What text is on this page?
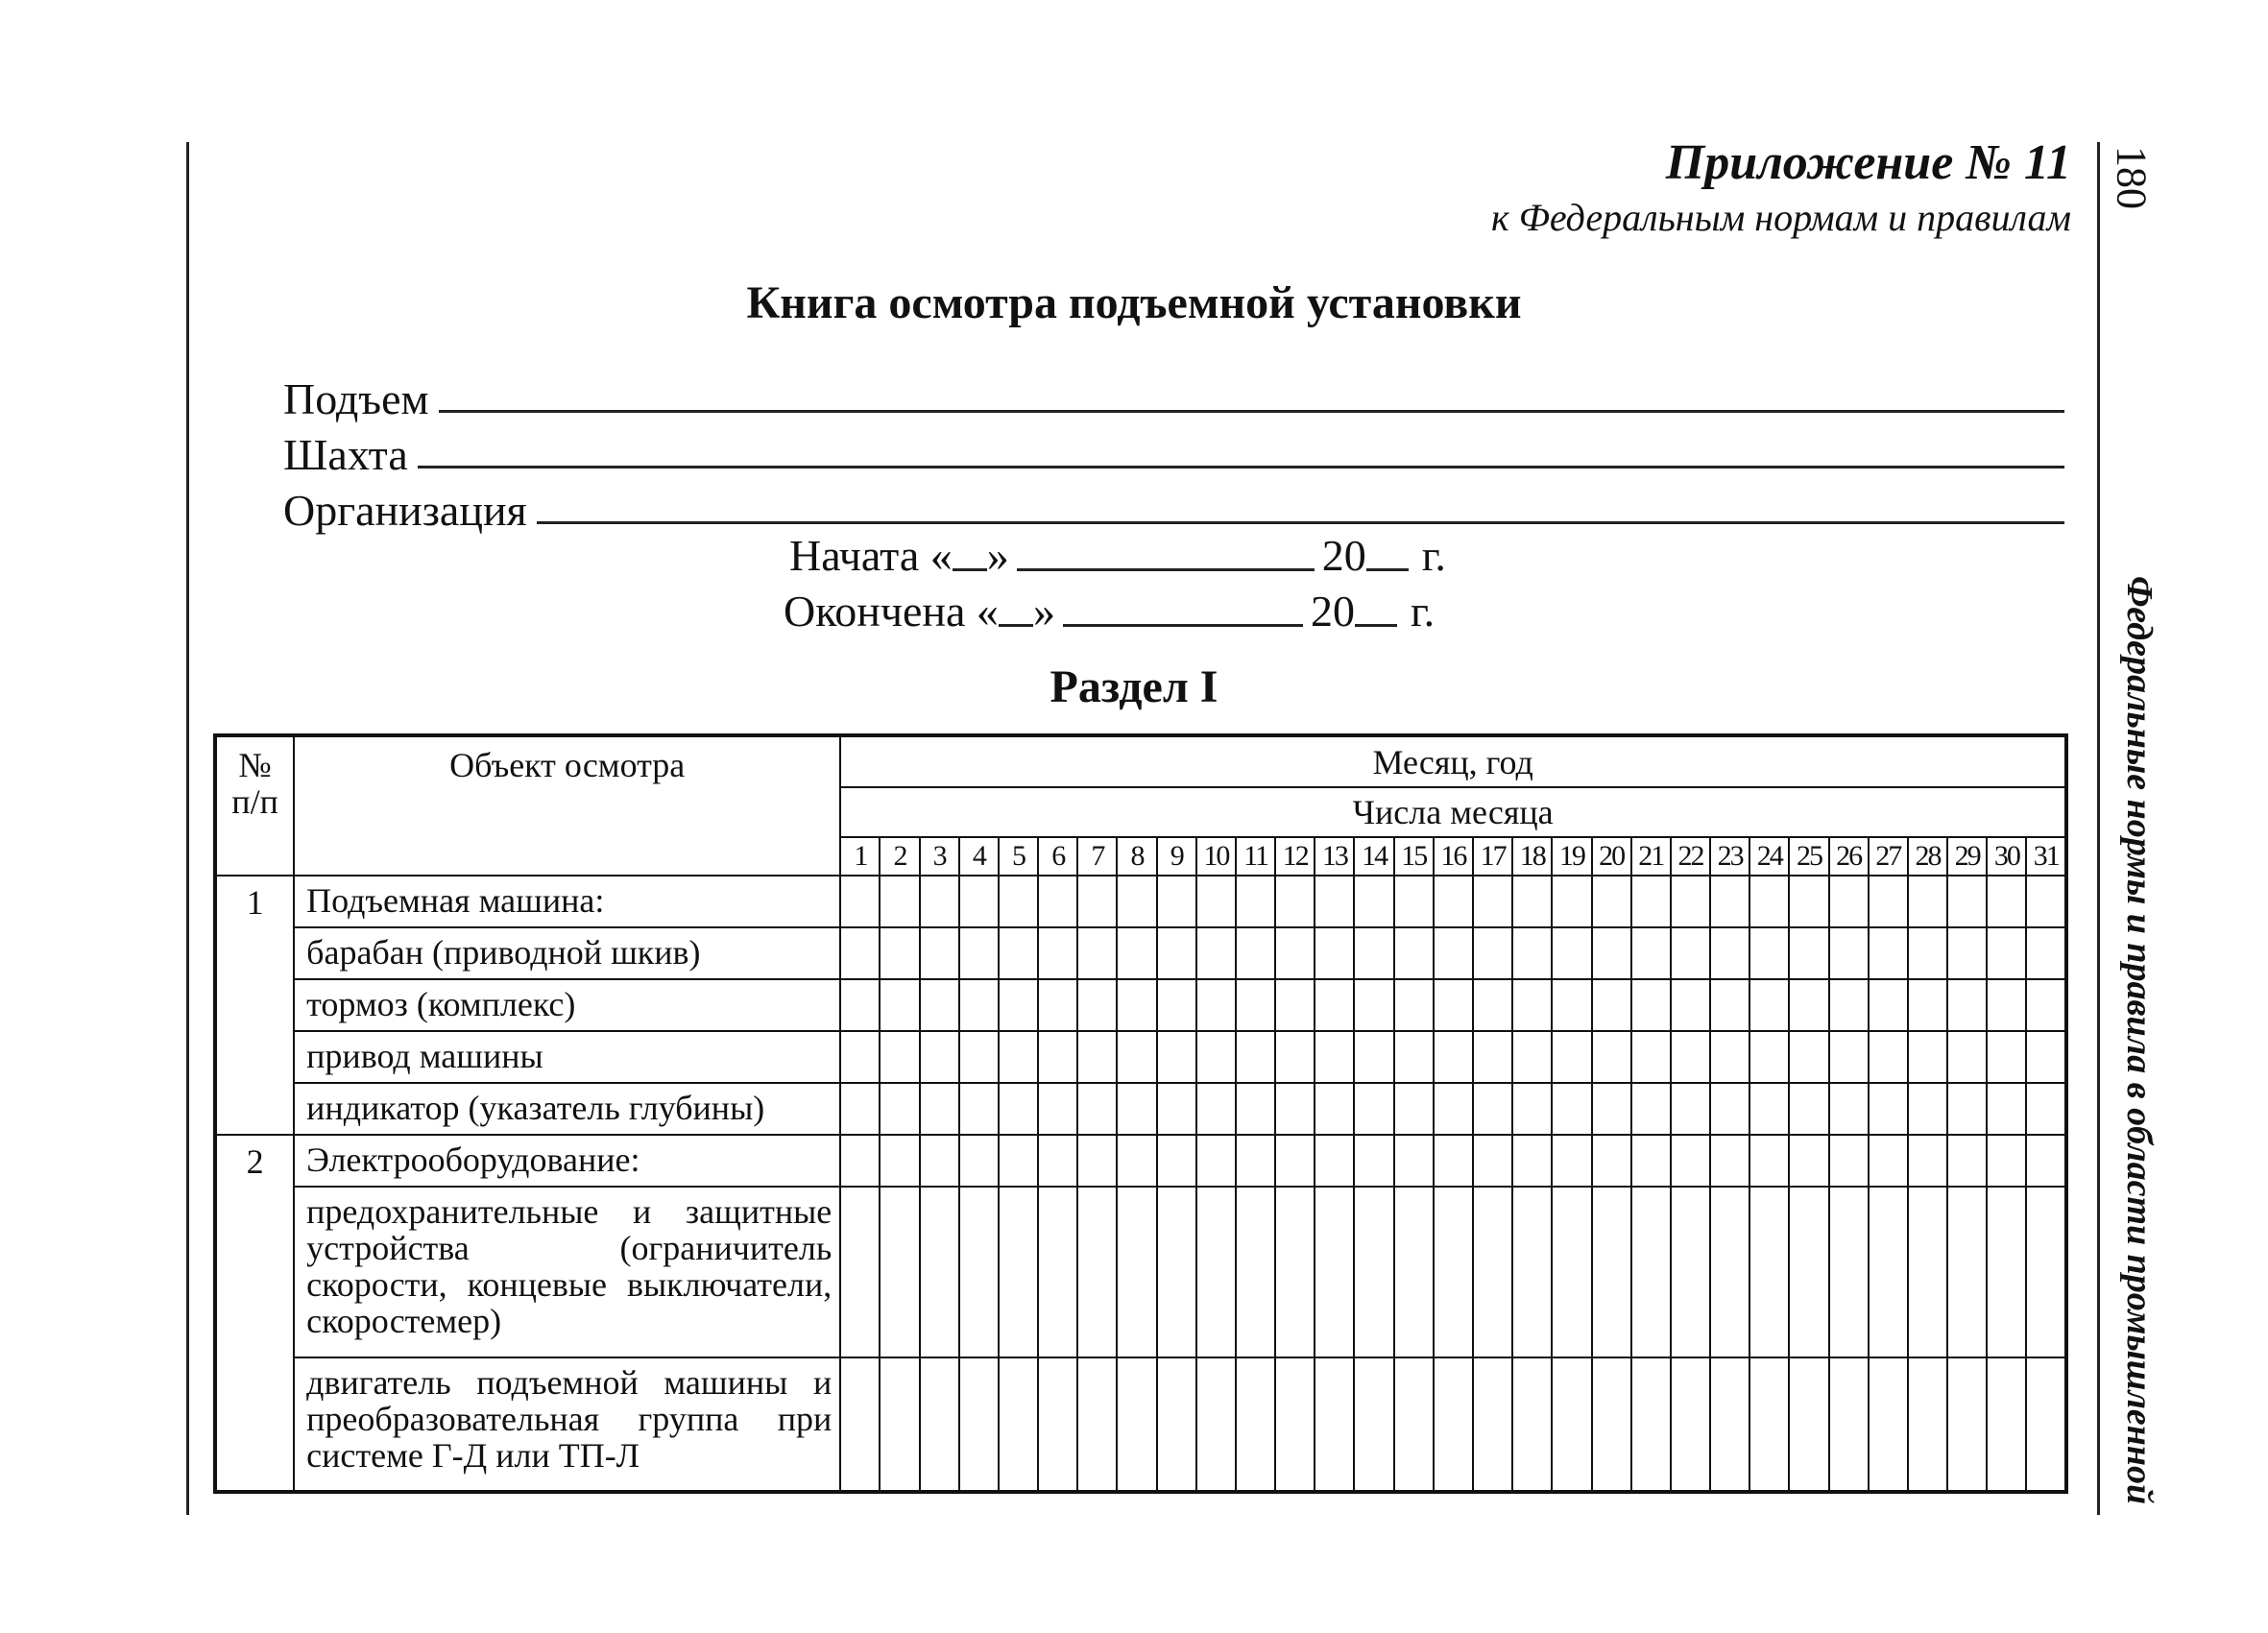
180
Федеральные нормы и правила в области промышленной
Приложение № 11
к Федеральным нормам и правилам
Книга осмотра подъемной установки
Подъем
Шахта
Организация
Начата « »	20 г.
Окончена « »	20 г.
Раздел I
№
п/п	Объект осмотра	Месяц, год																														
		Числа месяца																														
		1	2	3	4	5	6	7	8	9	10	11	12	13	14	15	16	17	18	19	20	21	22	23	24	25	26	27	28	29	30	31
1	Подъемная машина:																															
	барабан (приводной шкив)																															
	тормоз (комплекс)																															
	привод машины																															
	индикатор (указатель глубины)																															
2	Электрооборудование:																															
	предохранительные и защитные устройства (ограничитель скорости, концевые выключатели, скоростемер)																															
	двигатель подъемной машины и преобразовательная группа при системе Г-Д или ТП-Л																															
